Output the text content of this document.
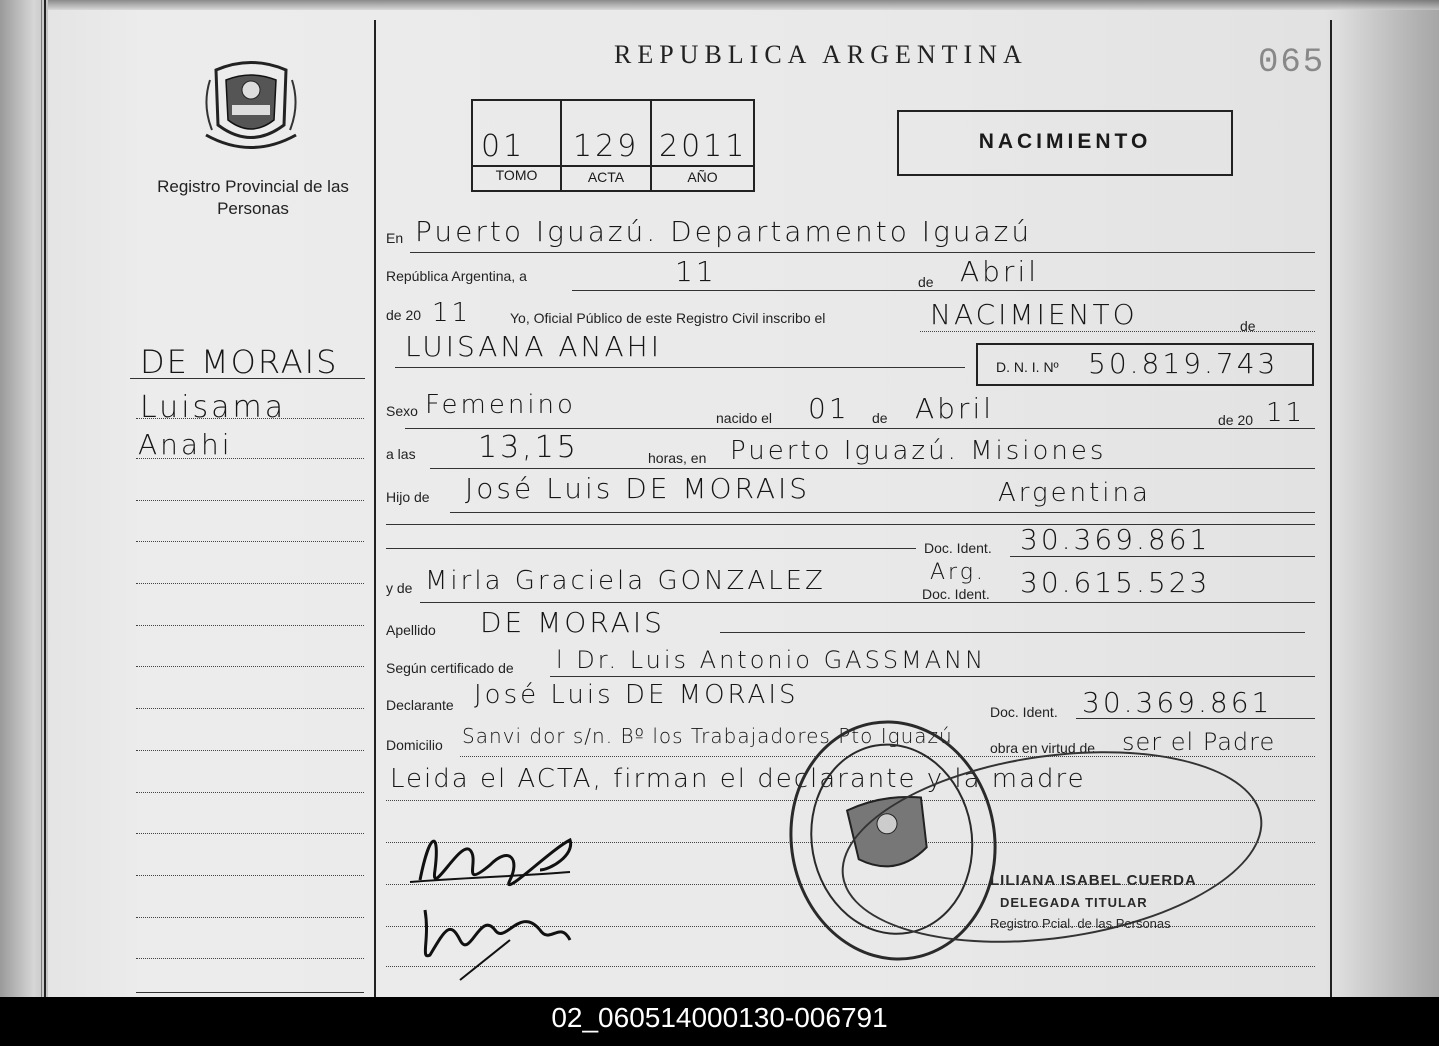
Registro Provincial de las Personas
REPUBLICA ARGENTINA	065
01 129 2011
TOMO	ACTA	AÑO
NACIMIENTO
DE MORAIS
Luisama
Anahi
En Puerto Iguazú. Departamento Iguazú
República Argentina, a	11	de Abril
de 20 11	Yo, Oficial Público de este Registro Civil inscribo el	NACIMIENTO	de
LUISANA ANAHI
D. N. I. Nº 50.819.743
Sexo Femenino	nacido el 01 de Abril	de 20 11
a las 13,15	horas, en Puerto Iguazú. Misiones
Hijo de José Luis DE MORAIS	Argentina
Doc. Ident. 30.369.861
y de Mirla Graciela GONZALEZ	Arg.
Doc. Ident. 30.615.523
Apellido DE MORAIS
Según certificado de l Dr. Luis Antonio GASSMANN
Declarante José Luis DE MORAIS
Doc. Ident. 30.369.861
Domicilio Sanvi dor s/n. Bº los Trabajadores Pto Iguazú	obra en virtud de ser el Padre
Leida el ACTA, firman el declarante y la madre
LILIANA ISABEL CUERDA
DELEGADA TITULAR
Registro Pcial. de las Personas
02_060514000130-006791
